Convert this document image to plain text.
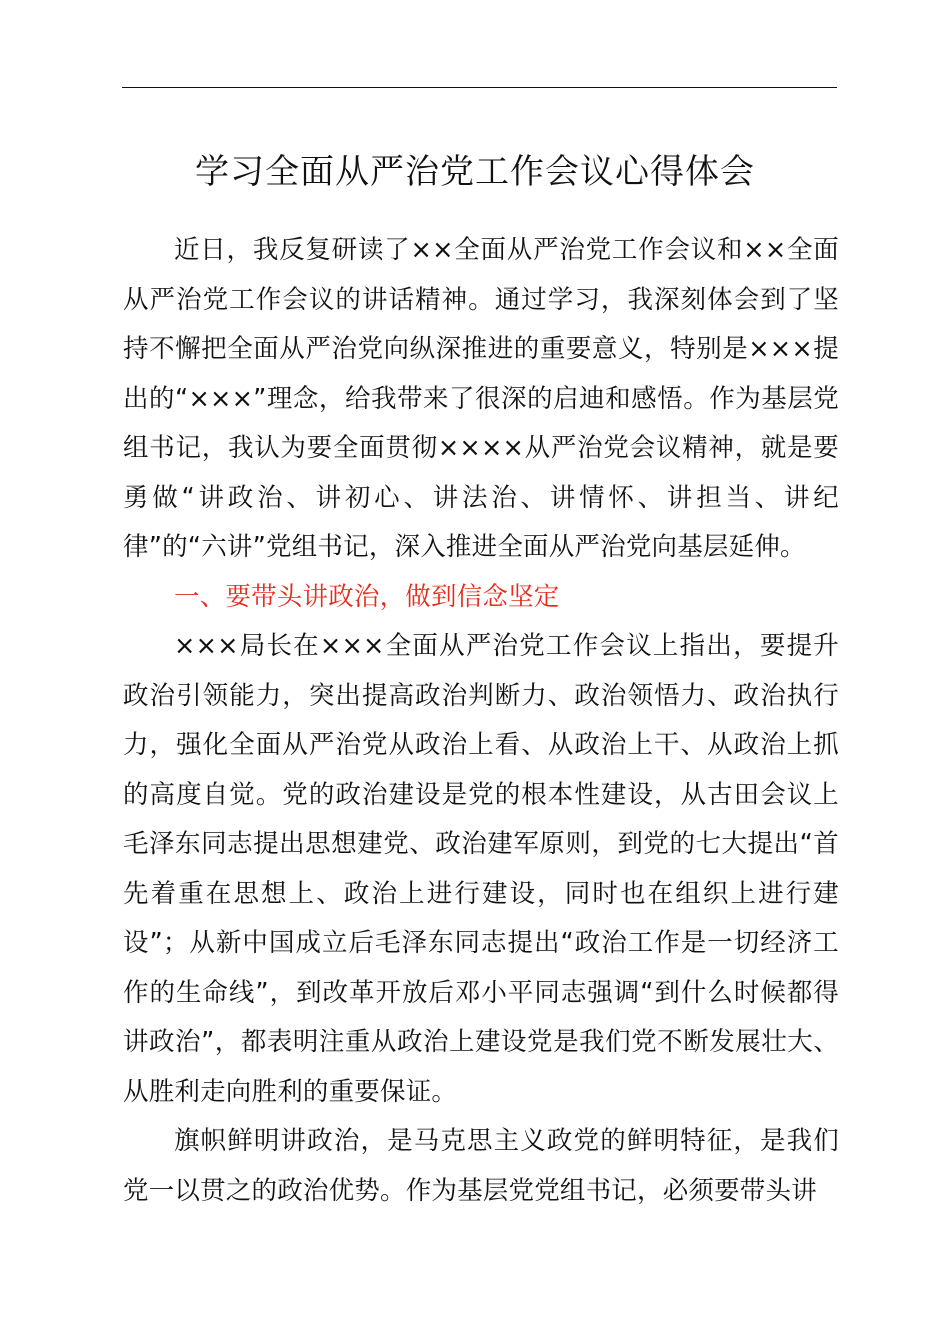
学习全面从严治党工作会议心得体会

近日，我反复研读了××全面从严治党工作会议和××全面从严治党工作会议的讲话精神。通过学习，我深刻体会到了坚持不懈把全面从严治党向纵深推进的重要意义，特别是×××提出的“×××”理念，给我带来了很深的启迪和感悟。作为基层党组书记，我认为要全面贯彻××××从严治党会议精神，就是要勇做“讲政治、讲初心、讲法治、讲情怀、讲担当、讲纪律”的“六讲”党组书记，深入推进全面从严治党向基层延伸。

一、要带头讲政治，做到信念坚定

×××局长在×××全面从严治党工作会议上指出，要提升政治引领能力，突出提高政治判断力、政治领悟力、政治执行力，强化全面从严治党从政治上看、从政治上干、从政治上抓的高度自觉。党的政治建设是党的根本性建设，从古田会议上毛泽东同志提出思想建党、政治建军原则，到党的七大提出“首先着重在思想上、政治上进行建设，同时也在组织上进行建设”；从新中国成立后毛泽东同志提出“政治工作是一切经济工作的生命线”，到改革开放后邓小平同志强调“到什么时候都得讲政治”，都表明注重从政治上建设党是我们党不断发展壮大、从胜利走向胜利的重要保证。

旗帜鲜明讲政治，是马克思主义政党的鲜明特征，是我们党一以贯之的政治优势。作为基层党党组书记，必须要带头讲
